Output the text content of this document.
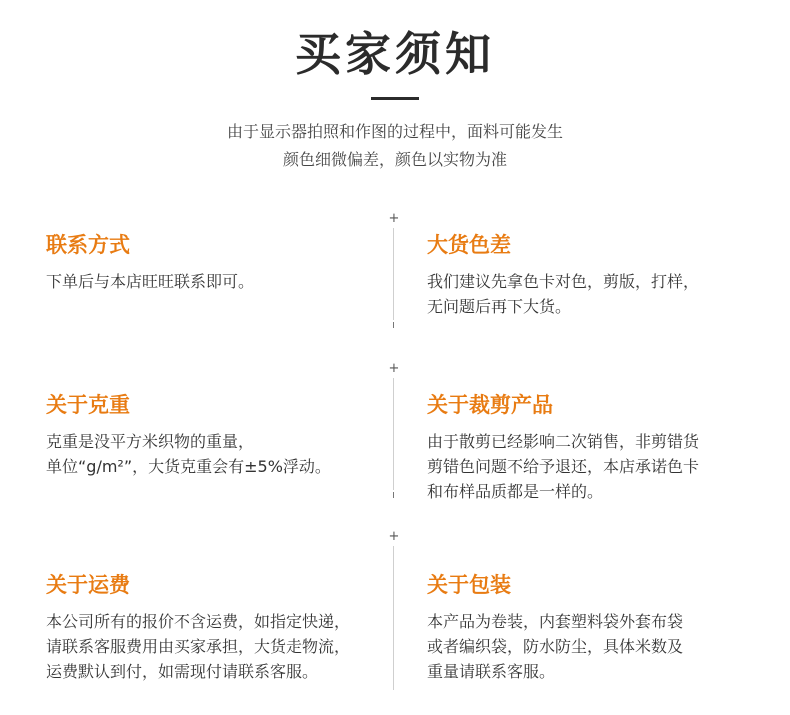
买家须知
由于显示器拍照和作图的过程中，面料可能发生
颜色细微偏差，颜色以实物为准
+
+
+

联系方式

下单后与本店旺旺联系即可。

大货色差

我们建议先拿色卡对色，剪版，打样，
无问题后再下大货。

关于克重

克重是没平方米织物的重量，
单位“g/m²”，大货克重会有±5%浮动。

关于裁剪产品

由于散剪已经影响二次销售，非剪错货
剪错色问题不给予退还，本店承诺色卡
和布样品质都是一样的。

关于运费

本公司所有的报价不含运费，如指定快递，
请联系客服费用由买家承担，大货走物流，
运费默认到付，如需现付请联系客服。

关于包装

本产品为卷装，内套塑料袋外套布袋
或者编织袋，防水防尘，具体米数及
重量请联系客服。
